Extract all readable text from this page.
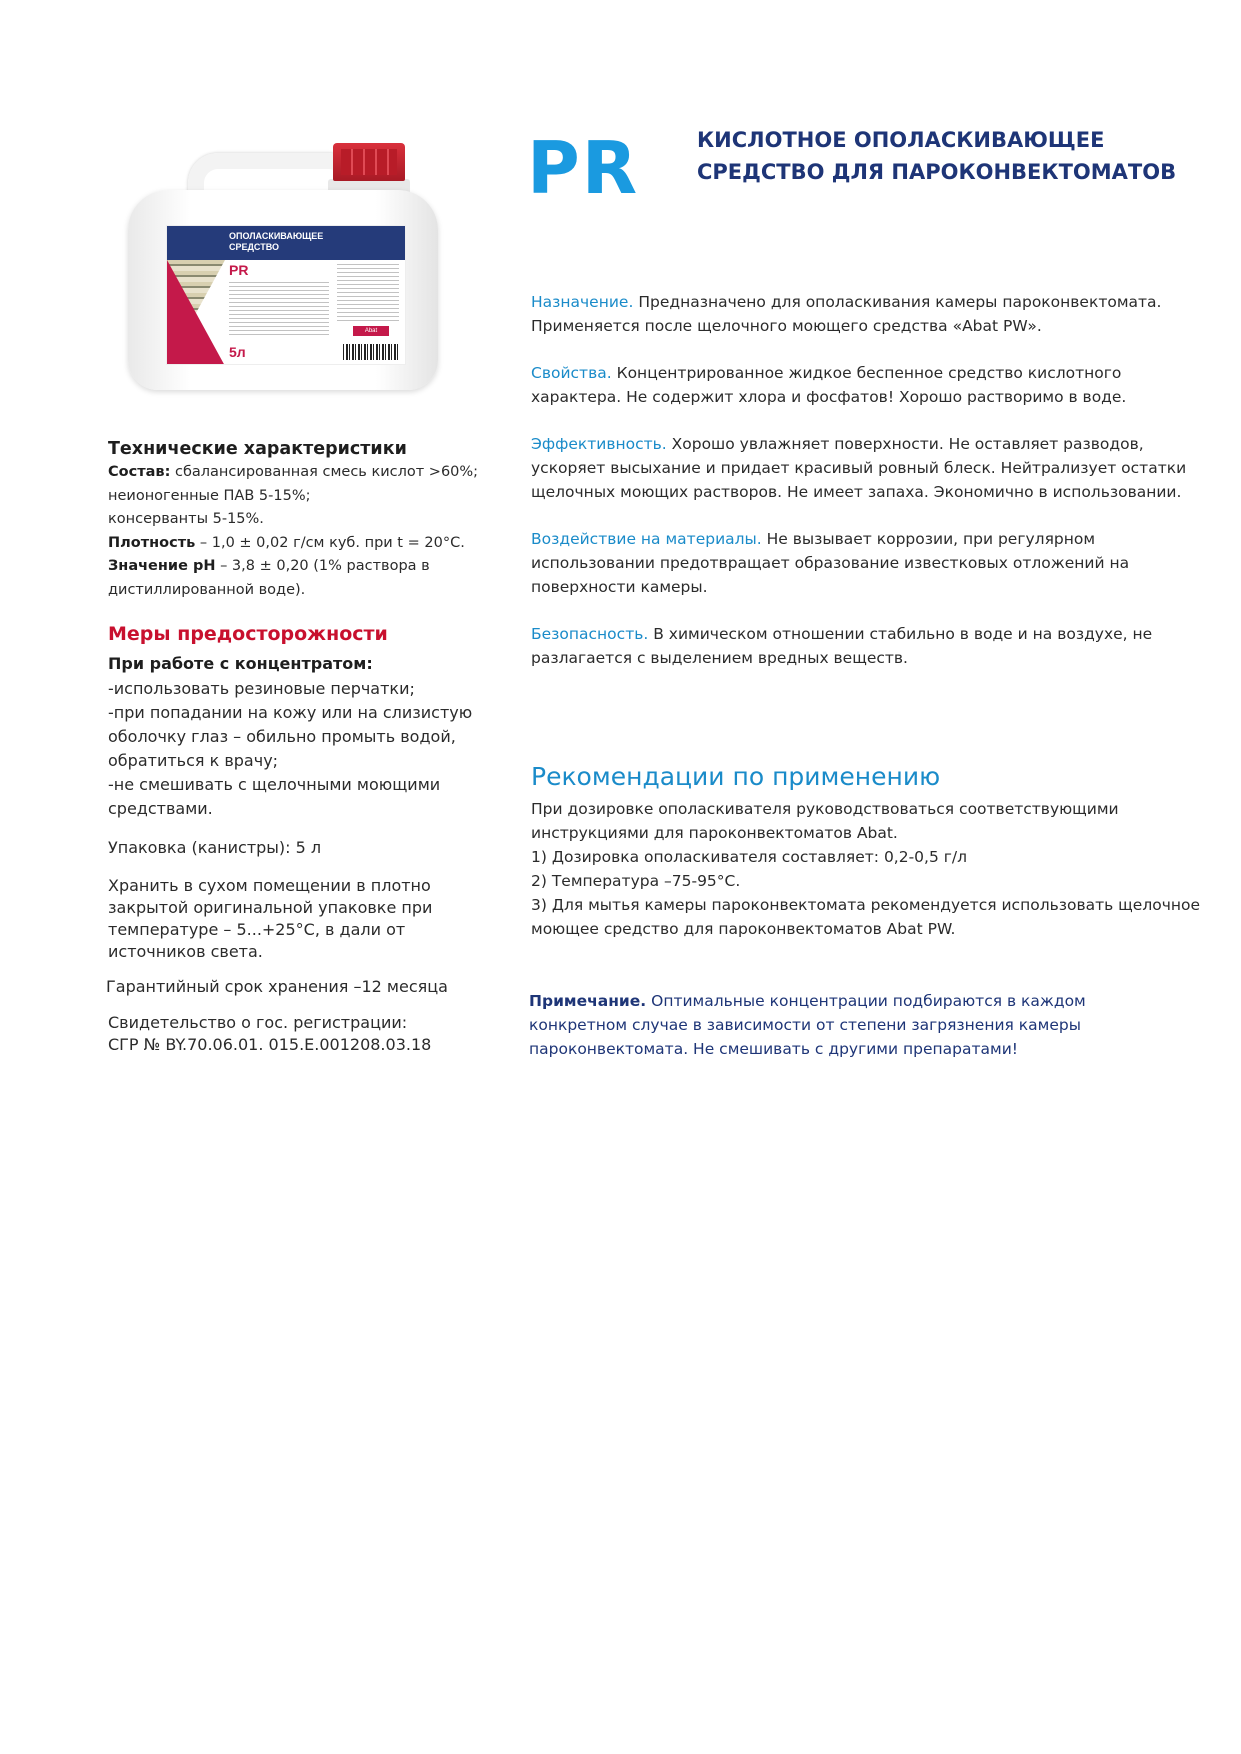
ОПОЛАСКИВАЮЩЕЕ
СРЕДСТВО
PR
Abat
5л
PR	КИСЛОТНОЕ ОПОЛАСКИВАЮЩЕЕ СРЕДСТВО ДЛЯ ПАРОКОНВЕКТОМАТОВ

Назначение. Предназначено для ополаскивания камеры пароконвектомата. Применяется после щелочного моющего средства «Abat PW».

Свойства. Концентрированное жидкое беспенное средство кислотного характера. Не содержит хлора и фосфатов! Хорошо растворимо в воде.

Эффективность. Хорошо увлажняет поверхности. Не оставляет разводов, ускоряет высыхание и придает красивый ровный блеск. Нейтрализует остатки щелочных моющих растворов. Не имеет запаха. Экономично в использовании.

Воздействие на материалы. Не вызывает коррозии, при регулярном использовании предотвращает образование известковых отложений на поверхности камеры.

Безопасность. В химическом отношении стабильно в воде и на воздухе, не разлагается с выделением вредных веществ.

Рекомендации по применению
При дозировке ополаскивателя руководствоваться соответствующими инструкциями для пароконвектоматов Abat.
1) Дозировка ополаскивателя составляет: 0,2-0,5 г/л
2) Температура –75-95°С.
3) Для мытья камеры пароконвектомата рекомендуется использовать щелочное моющее средство для пароконвектоматов Abat PW.
Примечание. Оптимальные концентрации подбираются в каждом конкретном случае в зависимости от степени загрязнения камеры пароконвектомата. Не смешивать с другими препаратами!
Технические характеристики
Состав: сбалансированная смесь кислот >60%;
неионогенные ПАВ 5-15%;
консерванты 5-15%.
Плотность – 1,0 ± 0,02 г/см куб. при t = 20°С.
Значение pH – 3,8 ± 0,20 (1% раствора в дистиллированной воде).
Меры предосторожности
При работе с концентратом:
-использовать резиновые перчатки;
-при попадании на кожу или на слизистую оболочку глаз – обильно промыть водой, обратиться к врачу;
-не смешивать с щелочными моющими средствами.
Упаковка (канистры): 5 л
Хранить в сухом помещении в плотно закрытой оригинальной упаковке при температуре – 5...+25°С, в дали от источников света.
Гарантийный срок хранения –12 месяца
Свидетельство о гос. регистрации:
СГР № BY.70.06.01. 015.Е.001208.03.18
